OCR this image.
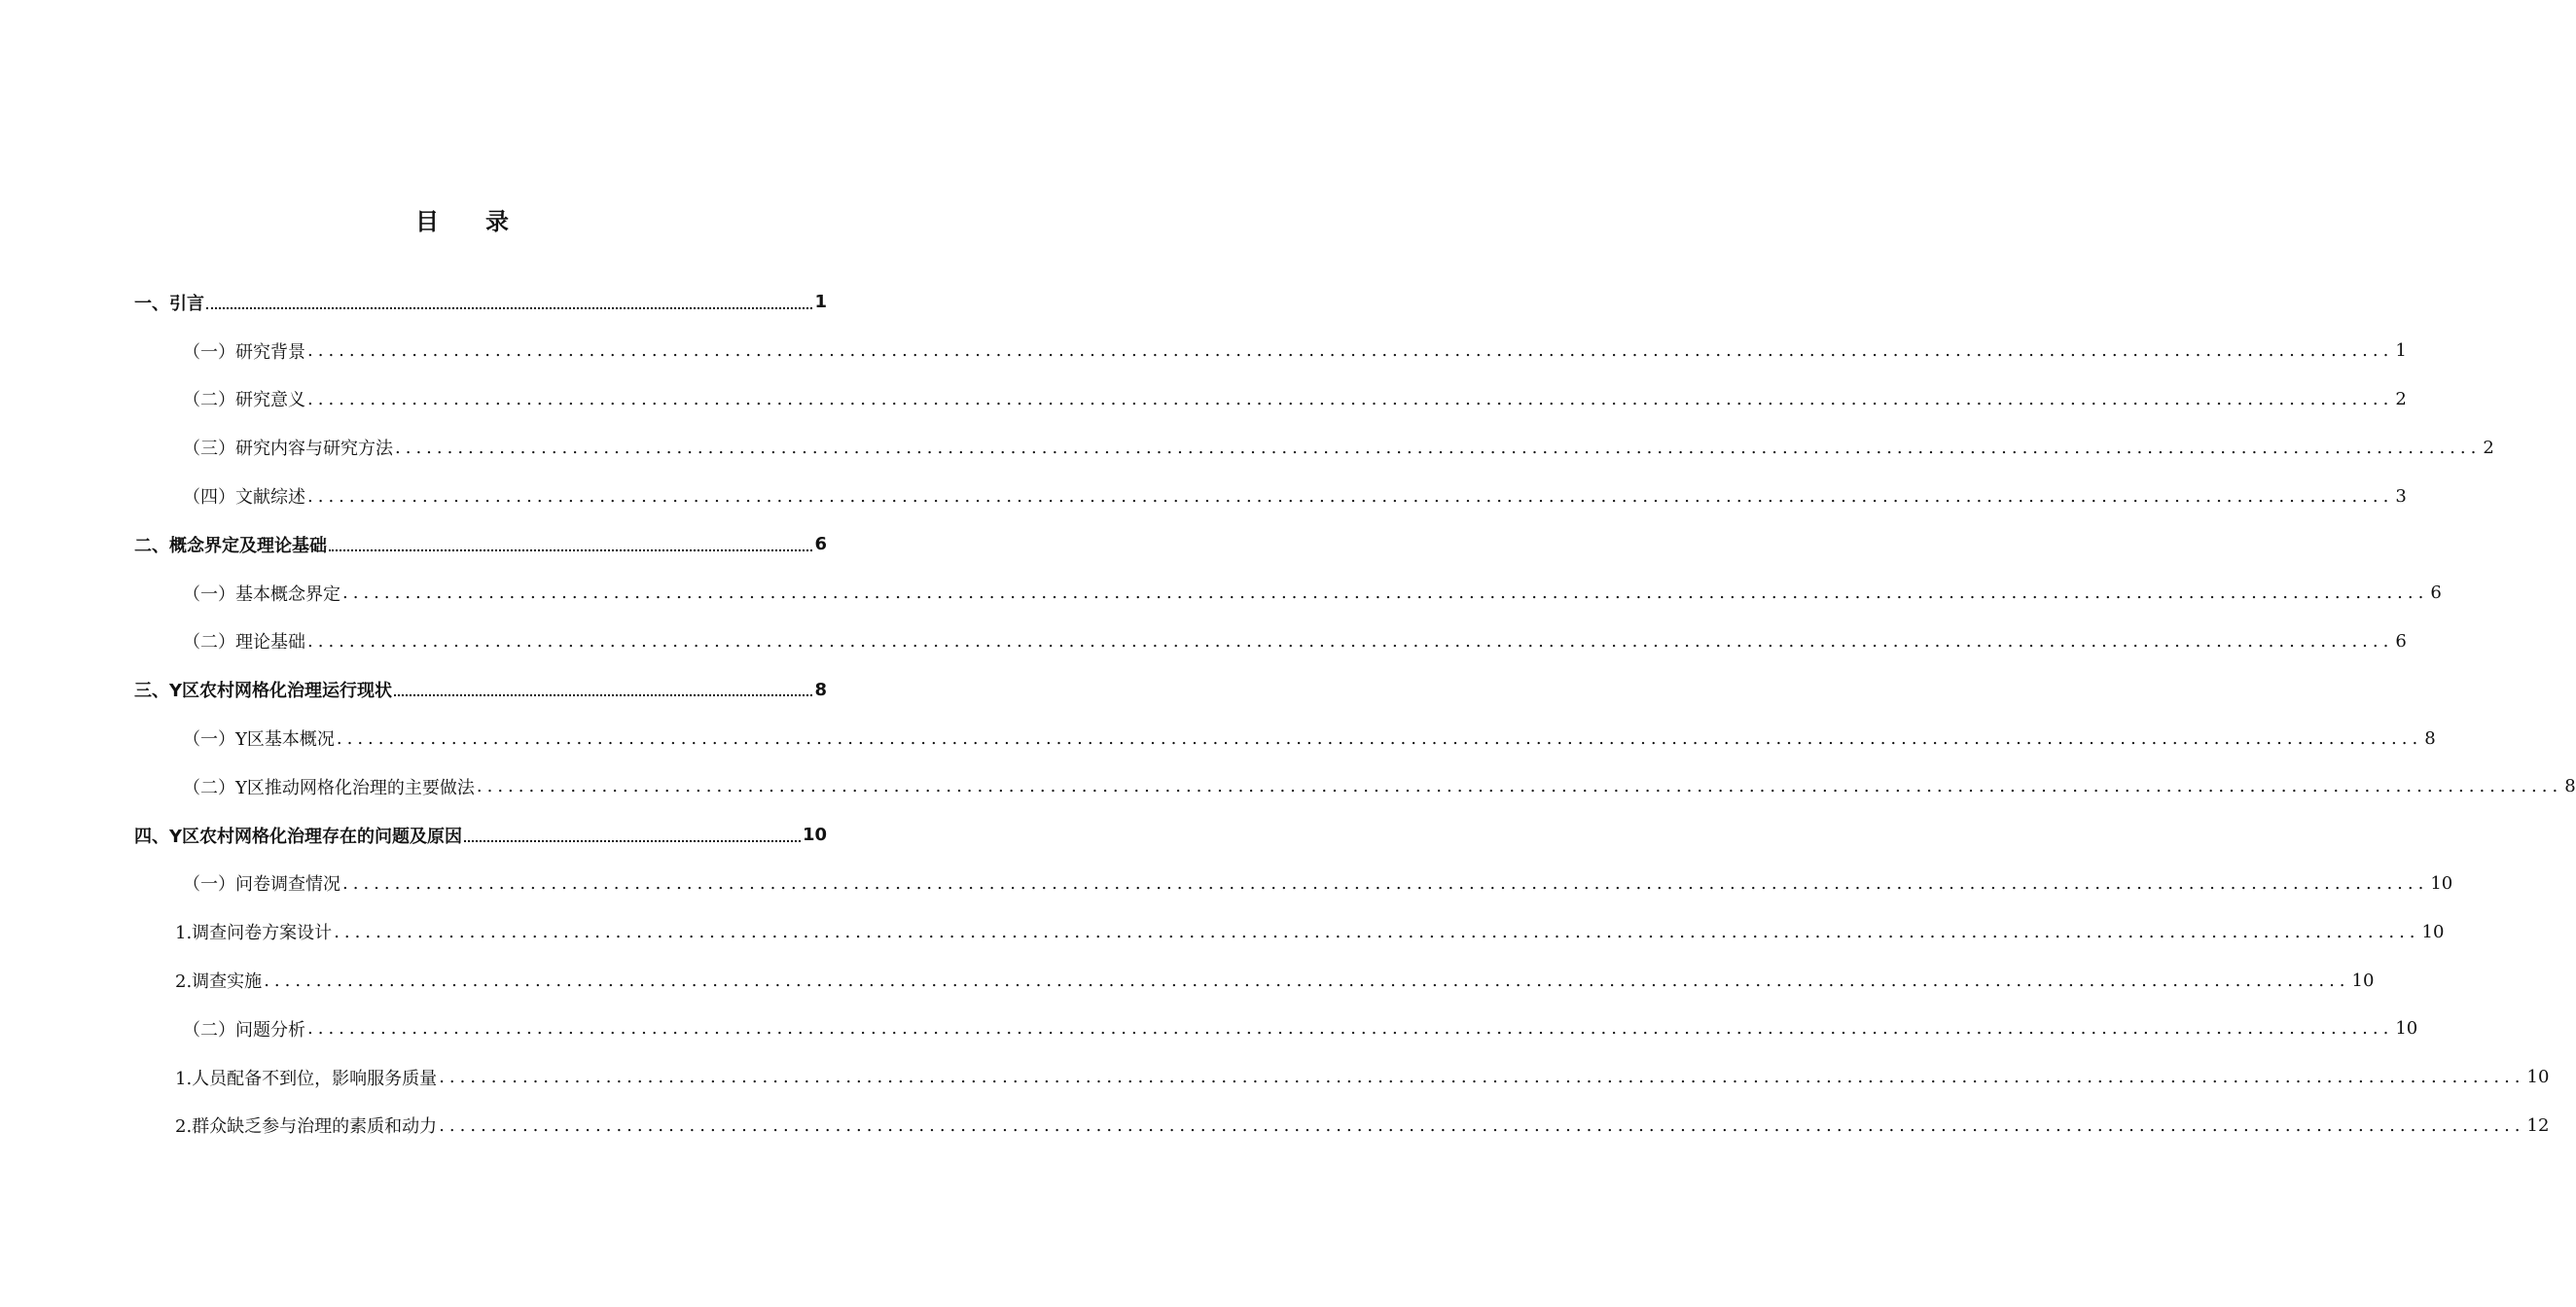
目 录
一、引言	1
（一）研究背景 ........................................................................................................................................................................................................ 1
（二）研究意义 ........................................................................................................................................................................................................ 2
（三）研究内容与研究方法 ........................................................................................................................................................................................................ 2
（四）文献综述 ........................................................................................................................................................................................................ 3
二、概念界定及理论基础	6
（一）基本概念界定 ........................................................................................................................................................................................................ 6
（二）理论基础 ........................................................................................................................................................................................................ 6
三、Y区农村网格化治理运行现状	8
（一）Y区基本概况 ........................................................................................................................................................................................................ 8
（二）Y区推动网格化治理的主要做法 ........................................................................................................................................................................................................ 8
四、Y区农村网格化治理存在的问题及原因	10
（一）问卷调查情况 ........................................................................................................................................................................................................ 10
1.调查问卷方案设计 ........................................................................................................................................................................................................ 10
2.调查实施 ........................................................................................................................................................................................................ 10
（二）问题分析 ........................................................................................................................................................................................................ 10
1.人员配备不到位，影响服务质量 ........................................................................................................................................................................................................ 10
2.群众缺乏参与治理的素质和动力 ........................................................................................................................................................................................................ 12
